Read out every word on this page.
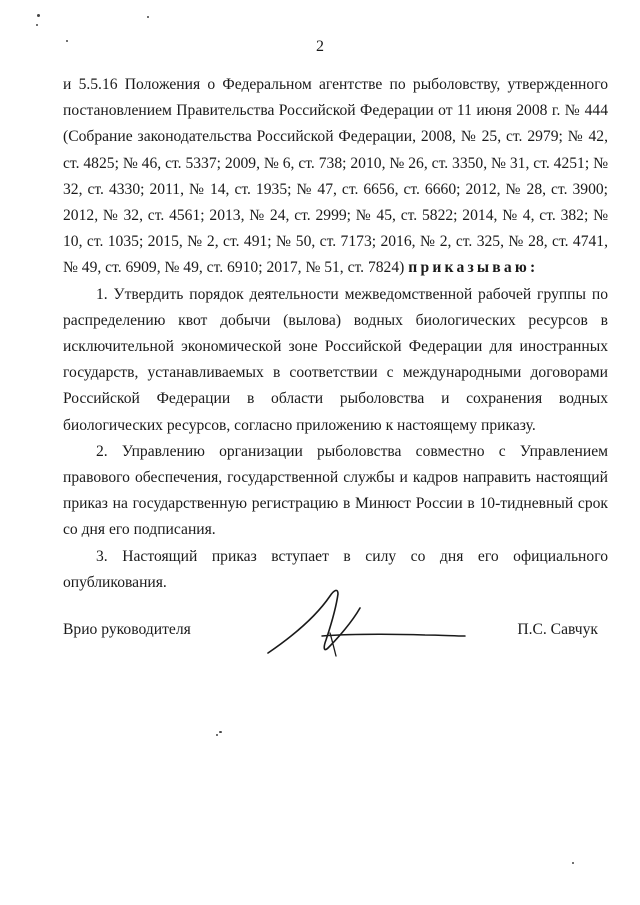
2

и 5.5.16 Положения о Федеральном агентстве по рыболовству, утвержденного постановлением Правительства Российской Федерации от 11 июня 2008 г. № 444 (Собрание законодательства Российской Федерации, 2008, № 25, ст. 2979; № 42, ст. 4825; № 46, ст. 5337; 2009, № 6, ст. 738; 2010, № 26, ст. 3350, № 31, ст. 4251; № 32, ст. 4330; 2011, № 14, ст. 1935; № 47, ст. 6656, ст. 6660; 2012, № 28, ст. 3900; 2012, № 32, ст. 4561; 2013, № 24, ст. 2999; № 45, ст. 5822; 2014, № 4, ст. 382; № 10, ст. 1035; 2015, № 2, ст. 491; № 50, ст. 7173; 2016, № 2, ст. 325, № 28, ст. 4741, № 49, ст. 6909, № 49, ст. 6910; 2017, № 51, ст. 7824) приказываю:

1. Утвердить порядок деятельности межведомственной рабочей группы по распределению квот добычи (вылова) водных биологических ресурсов в исключительной экономической зоне Российской Федерации для иностранных государств, устанавливаемых в соответствии с международными договорами Российской Федерации в области рыболовства и сохранения водных биологических ресурсов, согласно приложению к настоящему приказу.

2. Управлению организации рыболовства совместно с Управлением правового обеспечения, государственной службы и кадров направить настоящий приказ на государственную регистрацию в Минюст России в 10-тидневный срок со дня его подписания.

3. Настоящий приказ вступает в силу со дня его официального опубликования.

Врио руководителя	П.С. Савчук
